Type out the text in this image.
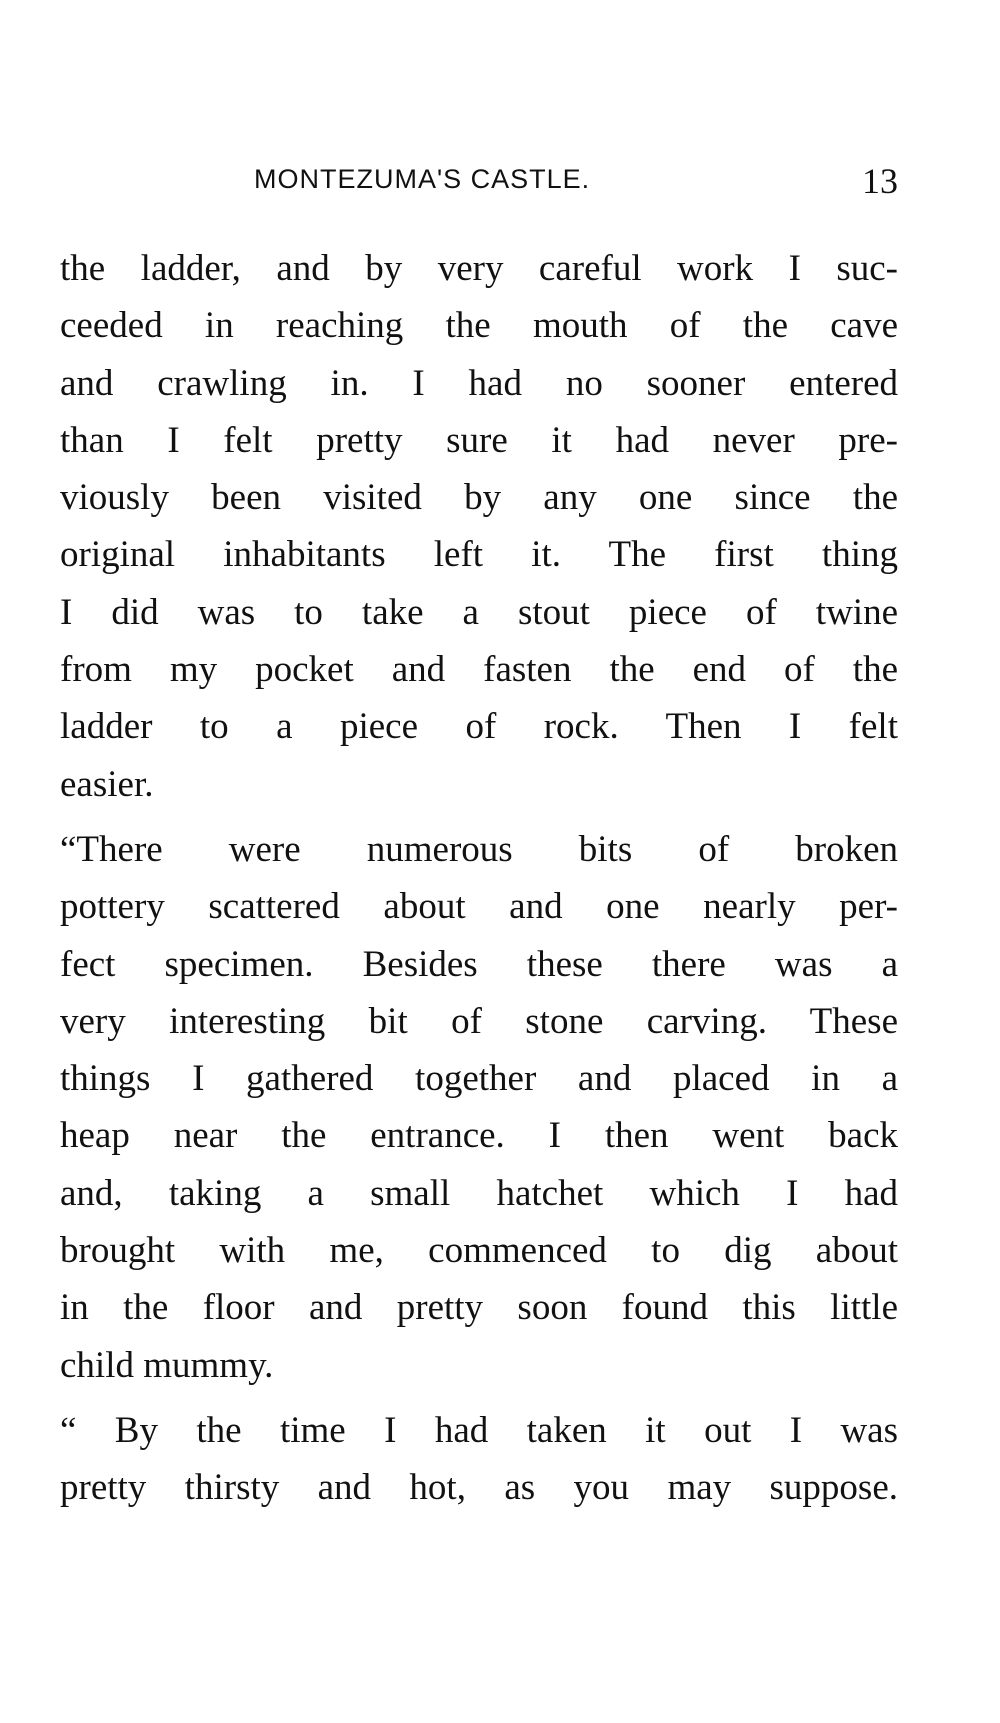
MONTEZUMA'S CASTLE.	13
the ladder, and by very careful work I suc-
ceeded in reaching the mouth of the cave
and crawling in. I had no sooner entered
than I felt pretty sure it had never pre-
viously been visited by any one since the
original inhabitants left it. The first thing
I did was to take a stout piece of twine
from my pocket and fasten the end of the
ladder to a piece of rock. Then I felt
easier.
“There were numerous bits of broken
pottery scattered about and one nearly per-
fect specimen. Besides these there was a
very interesting bit of stone carving. These
things I gathered together and placed in a
heap near the entrance. I then went back
and, taking a small hatchet which I had
brought with me, commenced to dig about
in the floor and pretty soon found this little
child mummy.
“ By the time I had taken it out I was
pretty thirsty and hot, as you may suppose.
